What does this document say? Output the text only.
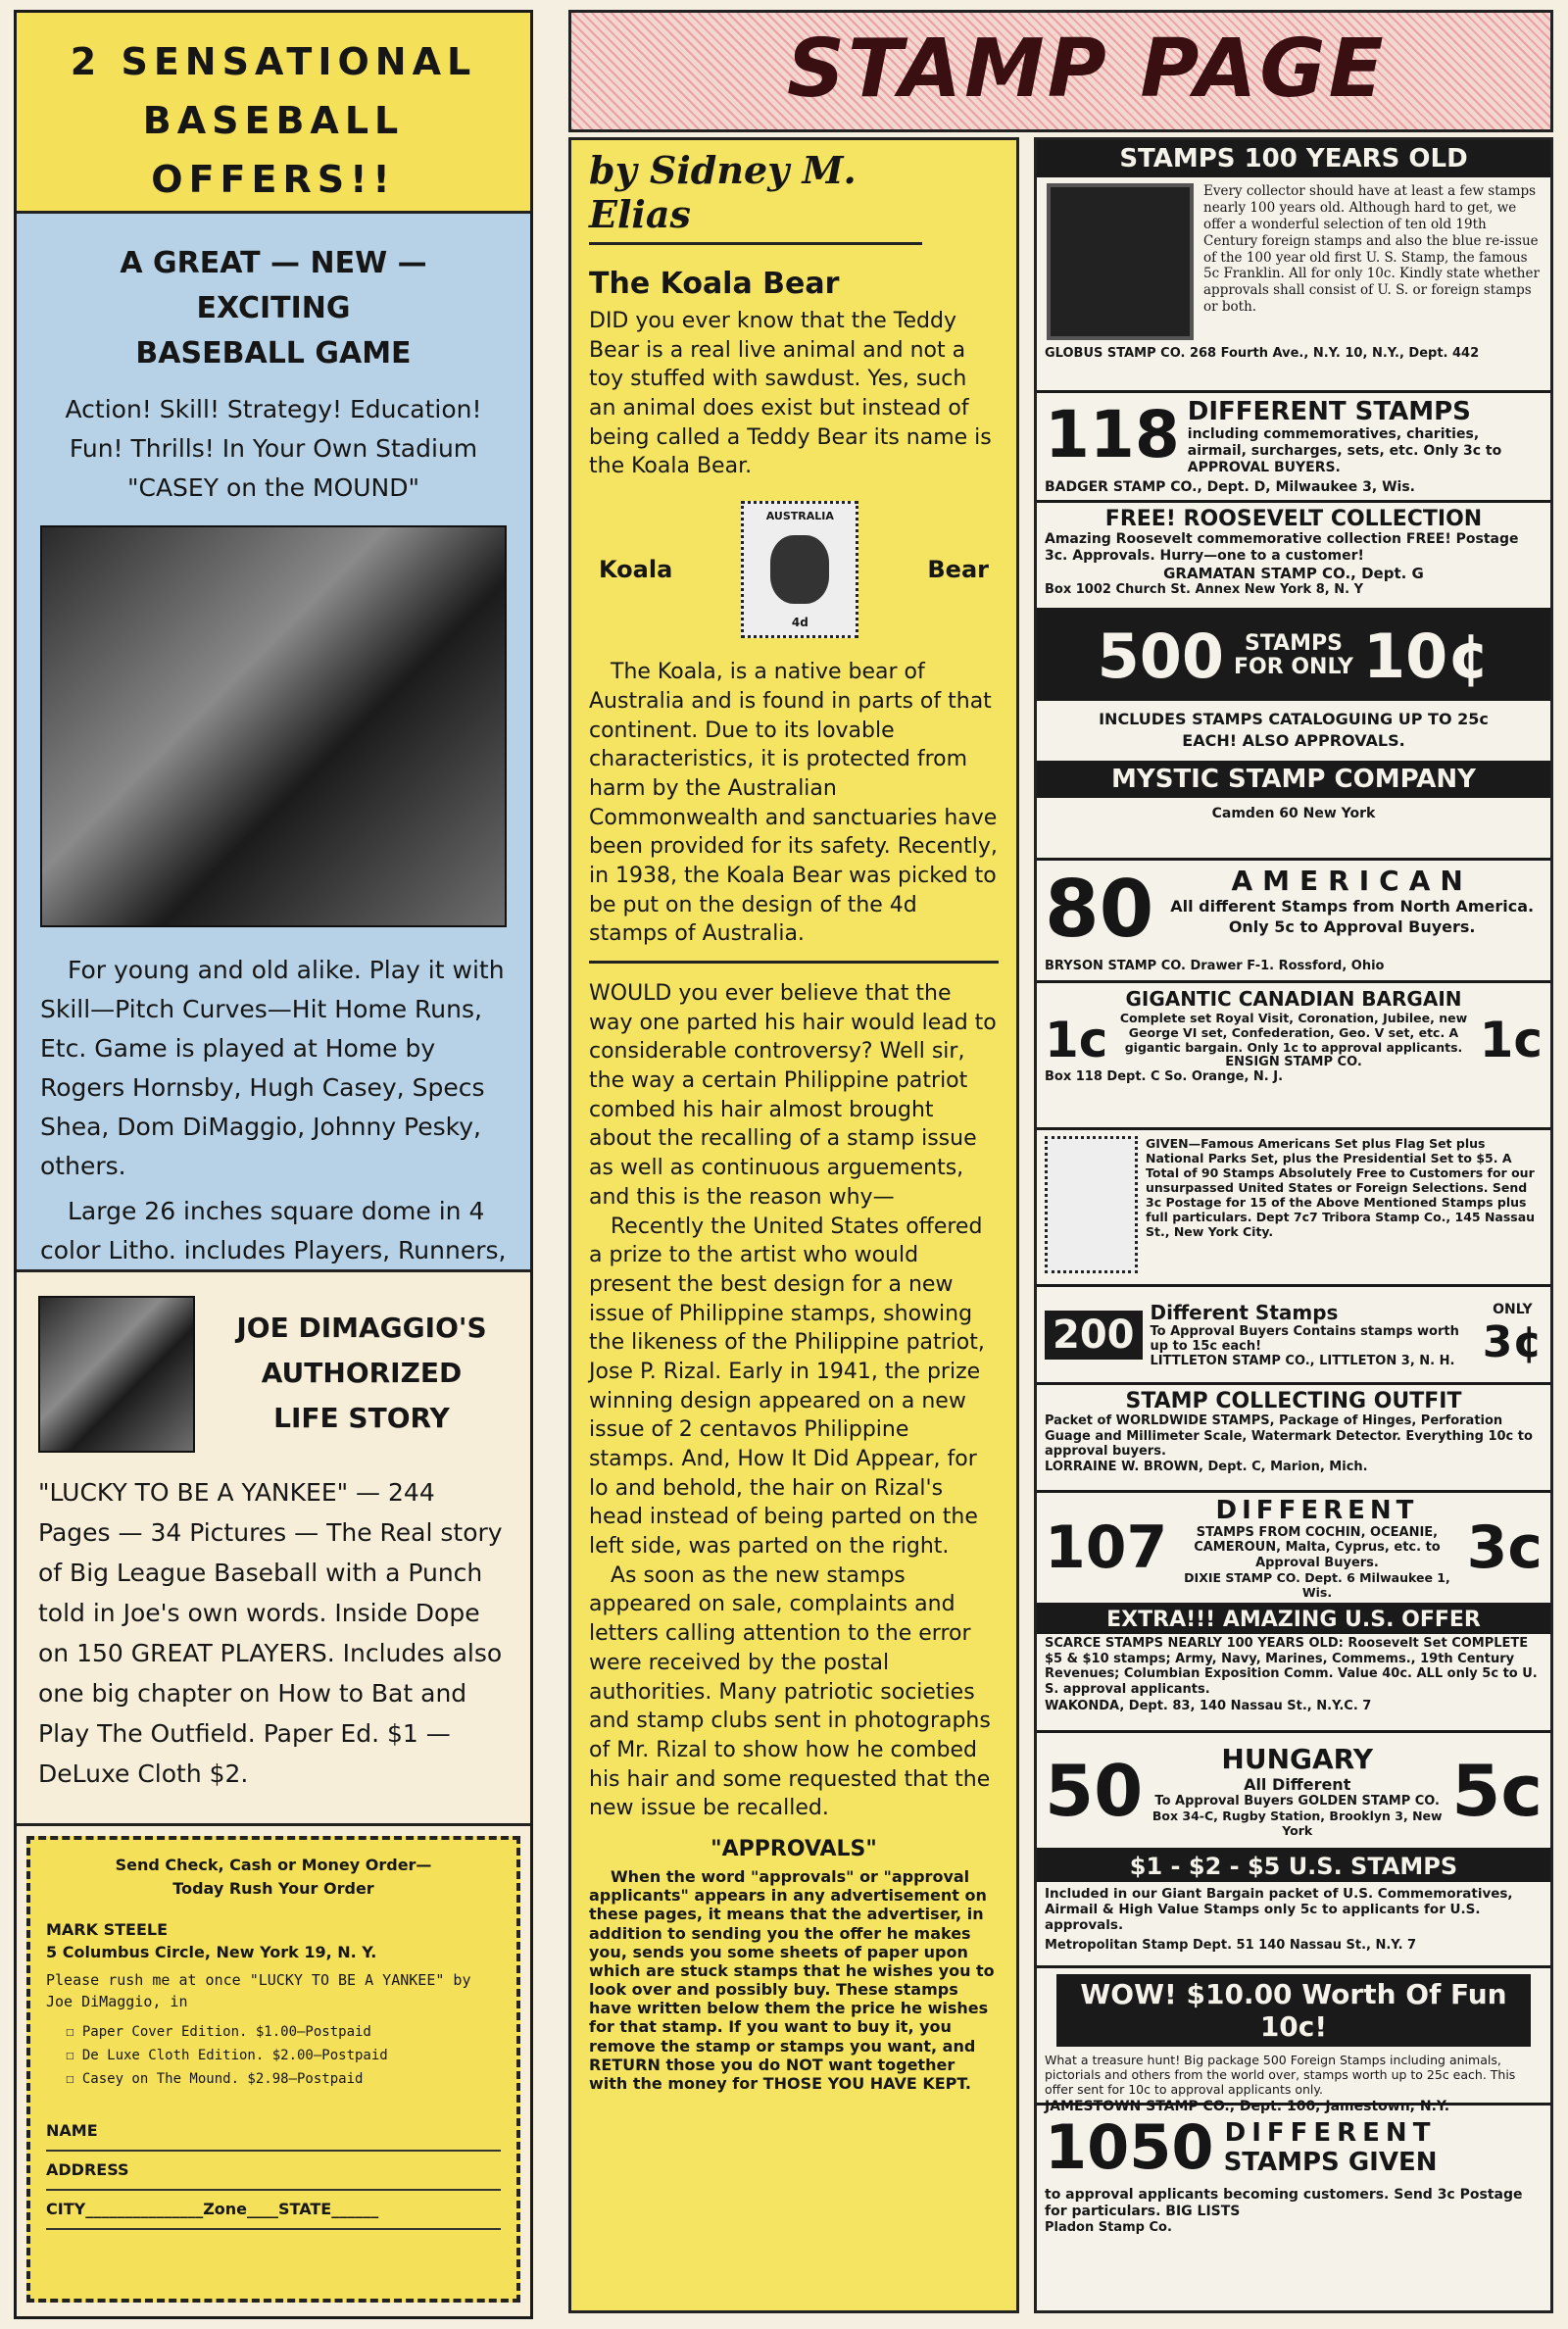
2 SENSATIONAL
BASEBALL
OFFERS!!
A GREAT — NEW — EXCITING
BASEBALL GAME
Action! Skill! Strategy! Education! Fun! Thrills! In Your Own Stadium "CASEY on the MOUND"
For young and old alike. Play it with Skill—Pitch Curves—Hit Home Runs, Etc. Game is played at Home by Rogers Hornsby, Hugh Casey, Specs Shea, Dom DiMaggio, Johnny Pesky, others.
Large 26 inches square dome in 4 color Litho. includes Players, Runners,
JOE DIMAGGIO'S
AUTHORIZED
LIFE STORY
"LUCKY TO BE A YANKEE" — 244 Pages — 34 Pictures — The Real story of Big League Baseball with a Punch told in Joe's own words. Inside Dope on 150 GREAT PLAYERS. Includes also one big chapter on How to Bat and Play The Outfield. Paper Ed. $1 — DeLuxe Cloth $2.
Send Check, Cash or Money Order—Today Rush Your Order
MARK STEELE
5 Columbus Circle, New York 19, N. Y.
Please rush me at once "LUCKY TO BE A YANKEE" by Joe DiMaggio, in
☐ Paper Cover Edition. $1.00—Postpaid
☐ De Luxe Cloth Edition. $2.00—Postpaid
☐ Casey on The Mound. $2.98—Postpaid
NAME
ADDRESS
CITY_______________Zone____STATE______
STAMP PAGE
by Sidney M. Elias
The Koala Bear
DID you ever know that the Teddy Bear is a real live animal and not a toy stuffed with sawdust. Yes, such an animal does exist but instead of being called a Teddy Bear its name is the Koala Bear.
Koala
AUSTRALIA
4d
Bear
The Koala, is a native bear of Australia and is found in parts of that continent. Due to its lovable characteristics, it is protected from harm by the Australian Commonwealth and sanctuaries have been provided for its safety. Recently, in 1938, the Koala Bear was picked to be put on the design of the 4d stamps of Australia.
WOULD you ever believe that the way one parted his hair would lead to considerable controversy? Well sir, the way a certain Philippine patriot combed his hair almost brought about the recalling of a stamp issue as well as continuous arguements, and this is the reason why—
Recently the United States offered a prize to the artist who would present the best design for a new issue of Philippine stamps, showing the likeness of the Philippine patriot, Jose P. Rizal. Early in 1941, the prize winning design appeared on a new issue of 2 centavos Philippine stamps. And, How It Did Appear, for lo and behold, the hair on Rizal's head instead of being parted on the left side, was parted on the right.
As soon as the new stamps appeared on sale, complaints and letters calling attention to the error were received by the postal authorities. Many patriotic societies and stamp clubs sent in photographs of Mr. Rizal to show how he combed his hair and some requested that the new issue be recalled.
"APPROVALS"
When the word "approvals" or "approval applicants" appears in any advertisement on these pages, it means that the advertiser, in addition to sending you the offer he makes you, sends you some sheets of paper upon which are stuck stamps that he wishes you to look over and possibly buy. These stamps have written below them the price he wishes for that stamp. If you want to buy it, you remove the stamp or stamps you want, and RETURN those you do NOT want together with the money for THOSE YOU HAVE KEPT.
STAMPS 100 YEARS OLD
Every collector should have at least a few stamps nearly 100 years old. Although hard to get, we offer a wonderful selection of ten old 19th Century foreign stamps and also the blue re-issue of the 100 year old first U. S. Stamp, the famous 5c Franklin. All for only 10c. Kindly state whether approvals shall consist of U. S. or foreign stamps or both.
GLOBUS STAMP CO. 268 Fourth Ave., N.Y. 10, N.Y., Dept. 442
118 DIFFERENT STAMPS
including commemoratives, charities, airmail, surcharges, sets, etc. Only 3c to APPROVAL BUYERS.
BADGER STAMP CO., Dept. D, Milwaukee 3, Wis.
FREE! ROOSEVELT COLLECTION
Amazing Roosevelt commemorative collection FREE! Postage 3c. Approvals. Hurry—one to a customer!
GRAMATAN STAMP CO., Dept. G
Box 1002 Church St. Annex New York 8, N. Y
500 STAMPS
FOR ONLY 10¢
INCLUDES STAMPS CATALOGUING UP TO 25c EACH! ALSO APPROVALS.
MYSTIC STAMP COMPANY
Camden 60 New York
80	AMERICAN
All different Stamps from North America. Only 5c to Approval Buyers.
BRYSON STAMP CO. Drawer F-1. Rossford, Ohio
GIGANTIC CANADIAN BARGAIN
1c Complete set Royal Visit, Coronation, Jubilee, new George VI set, Confederation, Geo. V set, etc. A gigantic bargain. Only 1c to approval applicants.
ENSIGN STAMP CO.	1c
Box 118 Dept. C So. Orange, N. J.
GIVEN—Famous Americans Set plus Flag Set plus National Parks Set, plus the Presidential Set to $5. A Total of 90 Stamps Absolutely Free to Customers for our unsurpassed United States or Foreign Selections. Send 3c Postage for 15 of the Above Mentioned Stamps plus full particulars. Dept 7c7 Tribora Stamp Co., 145 Nassau St., New York City.
200 Different Stamps
To Approval Buyers Contains stamps worth up to 15c each!
LITTLETON STAMP CO., LITTLETON 3, N. H.
ONLY
3¢
STAMP COLLECTING OUTFIT
Packet of WORLDWIDE STAMPS, Package of Hinges, Perforation Guage and Millimeter Scale, Watermark Detector. Everything 10c to approval buyers.
LORRAINE W. BROWN, Dept. C, Marion, Mich.
107
DIFFERENT
STAMPS FROM COCHIN, OCEANIE, CAMEROUN, Malta, Cyprus, etc. to Approval Buyers.
DIXIE STAMP CO. Dept. 6 Milwaukee 1, Wis.
3c
EXTRA!!! AMAZING U.S. OFFER
SCARCE STAMPS NEARLY 100 YEARS OLD: Roosevelt Set COMPLETE $5 & $10 stamps; Army, Navy, Marines, Commems., 19th Century Revenues; Columbian Exposition Comm. Value 40c. ALL only 5c to U. S. approval applicants.
WAKONDA, Dept. 83, 140 Nassau St., N.Y.C. 7
50	HUNGARY
All Different
To Approval Buyers GOLDEN STAMP CO.
Box 34-C, Rugby Station, Brooklyn 3, New York	5c
$1 - $2 - $5 U.S. STAMPS
Included in our Giant Bargain packet of U.S. Commemoratives, Airmail & High Value Stamps only 5c to applicants for U.S. approvals.
Metropolitan Stamp Dept. 51 140 Nassau St., N.Y. 7
WOW! $10.00 Worth Of Fun 10c!
What a treasure hunt! Big package 500 Foreign Stamps including animals, pictorials and others from the world over, stamps worth up to 25c each. This offer sent for 10c to approval applicants only.
JAMESTOWN STAMP CO., Dept. 100, Jamestown, N.Y.
1050 DIFFERENT
STAMPS GIVEN
to approval applicants becoming customers. Send 3c Postage for particulars. BIG LISTS
Pladon Stamp Co.
